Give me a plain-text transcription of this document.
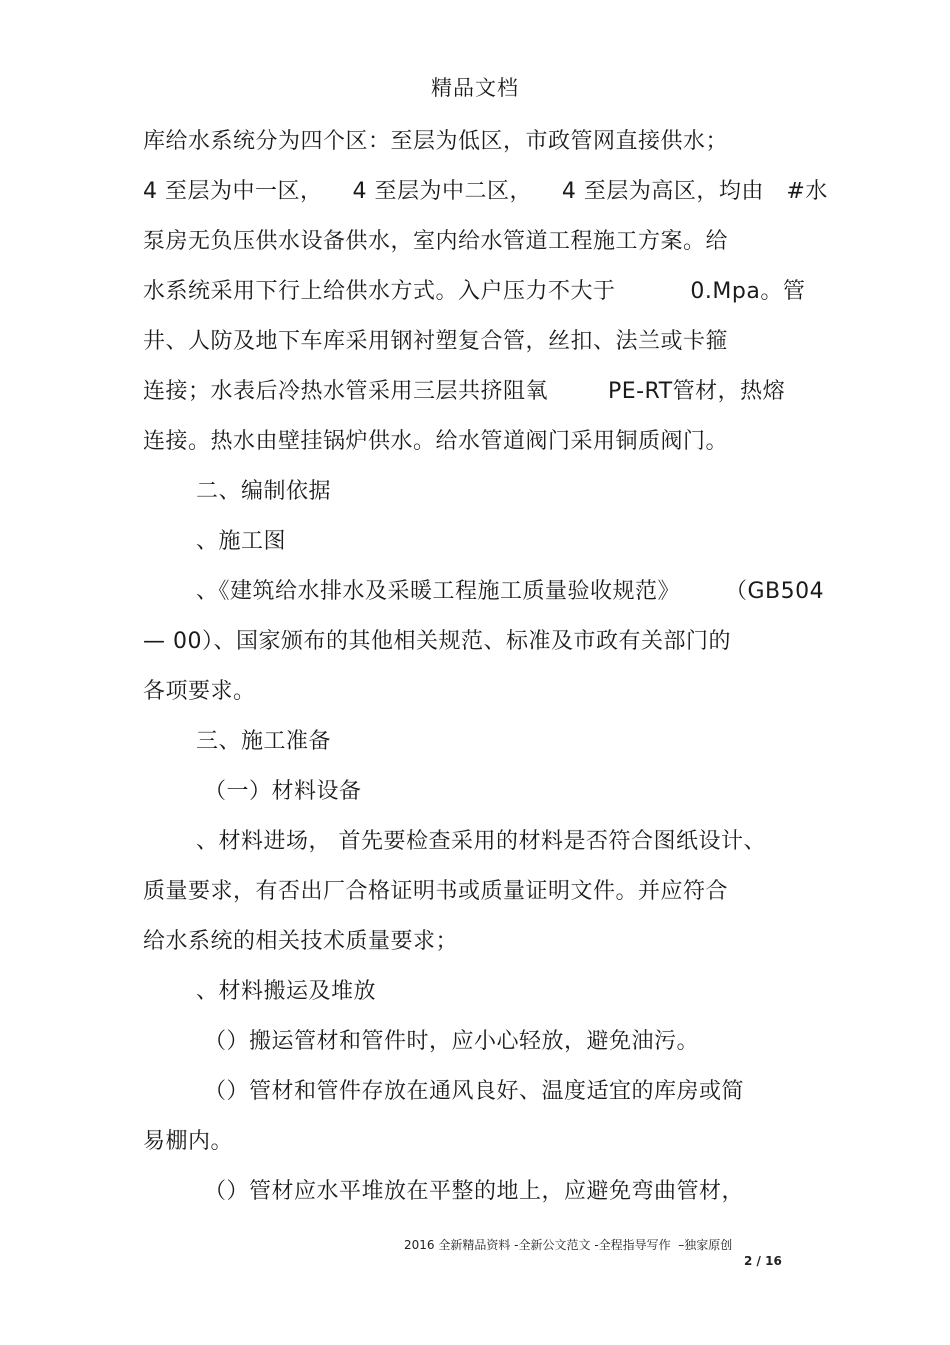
精品文档
库给水系统分为四个区：至层为低区，市政管网直接供水；
4 至层为中一区，    4 至层为中二区，    4 至层为高区，均由   #水
泵房无负压供水设备供水，室内给水管道工程施工方案。给
水系统采用下行上给供水方式。入户压力不大于          0.Mpa。管
井、人防及地下车库采用钢衬塑复合管，丝扣、法兰或卡箍
连接；水表后冷热水管采用三层共挤阻氧        PE-RT管材，热熔
连接。热水由壁挂锅炉供水。给水管道阀门采用铜质阀门。
二、编制依据
、施工图
、《建筑给水排水及采暖工程施工质量验收规范》      （GB504
— 00）、国家颁布的其他相关规范、标准及市政有关部门的
各项要求。
三、施工准备
（一）材料设备
、材料进场， 首先要检查采用的材料是否符合图纸设计、
质量要求，有否出厂合格证明书或质量证明文件。并应符合
给水系统的相关技术质量要求；
、材料搬运及堆放
（）搬运管材和管件时，应小心轻放，避免油污。
（）管材和管件存放在通风良好、温度适宜的库房或简
易棚内。
（）管材应水平堆放在平整的地上，应避免弯曲管材，
2016 全新精品资料 -全新公文范文 -全程指导写作  –独家原创
2 / 16
